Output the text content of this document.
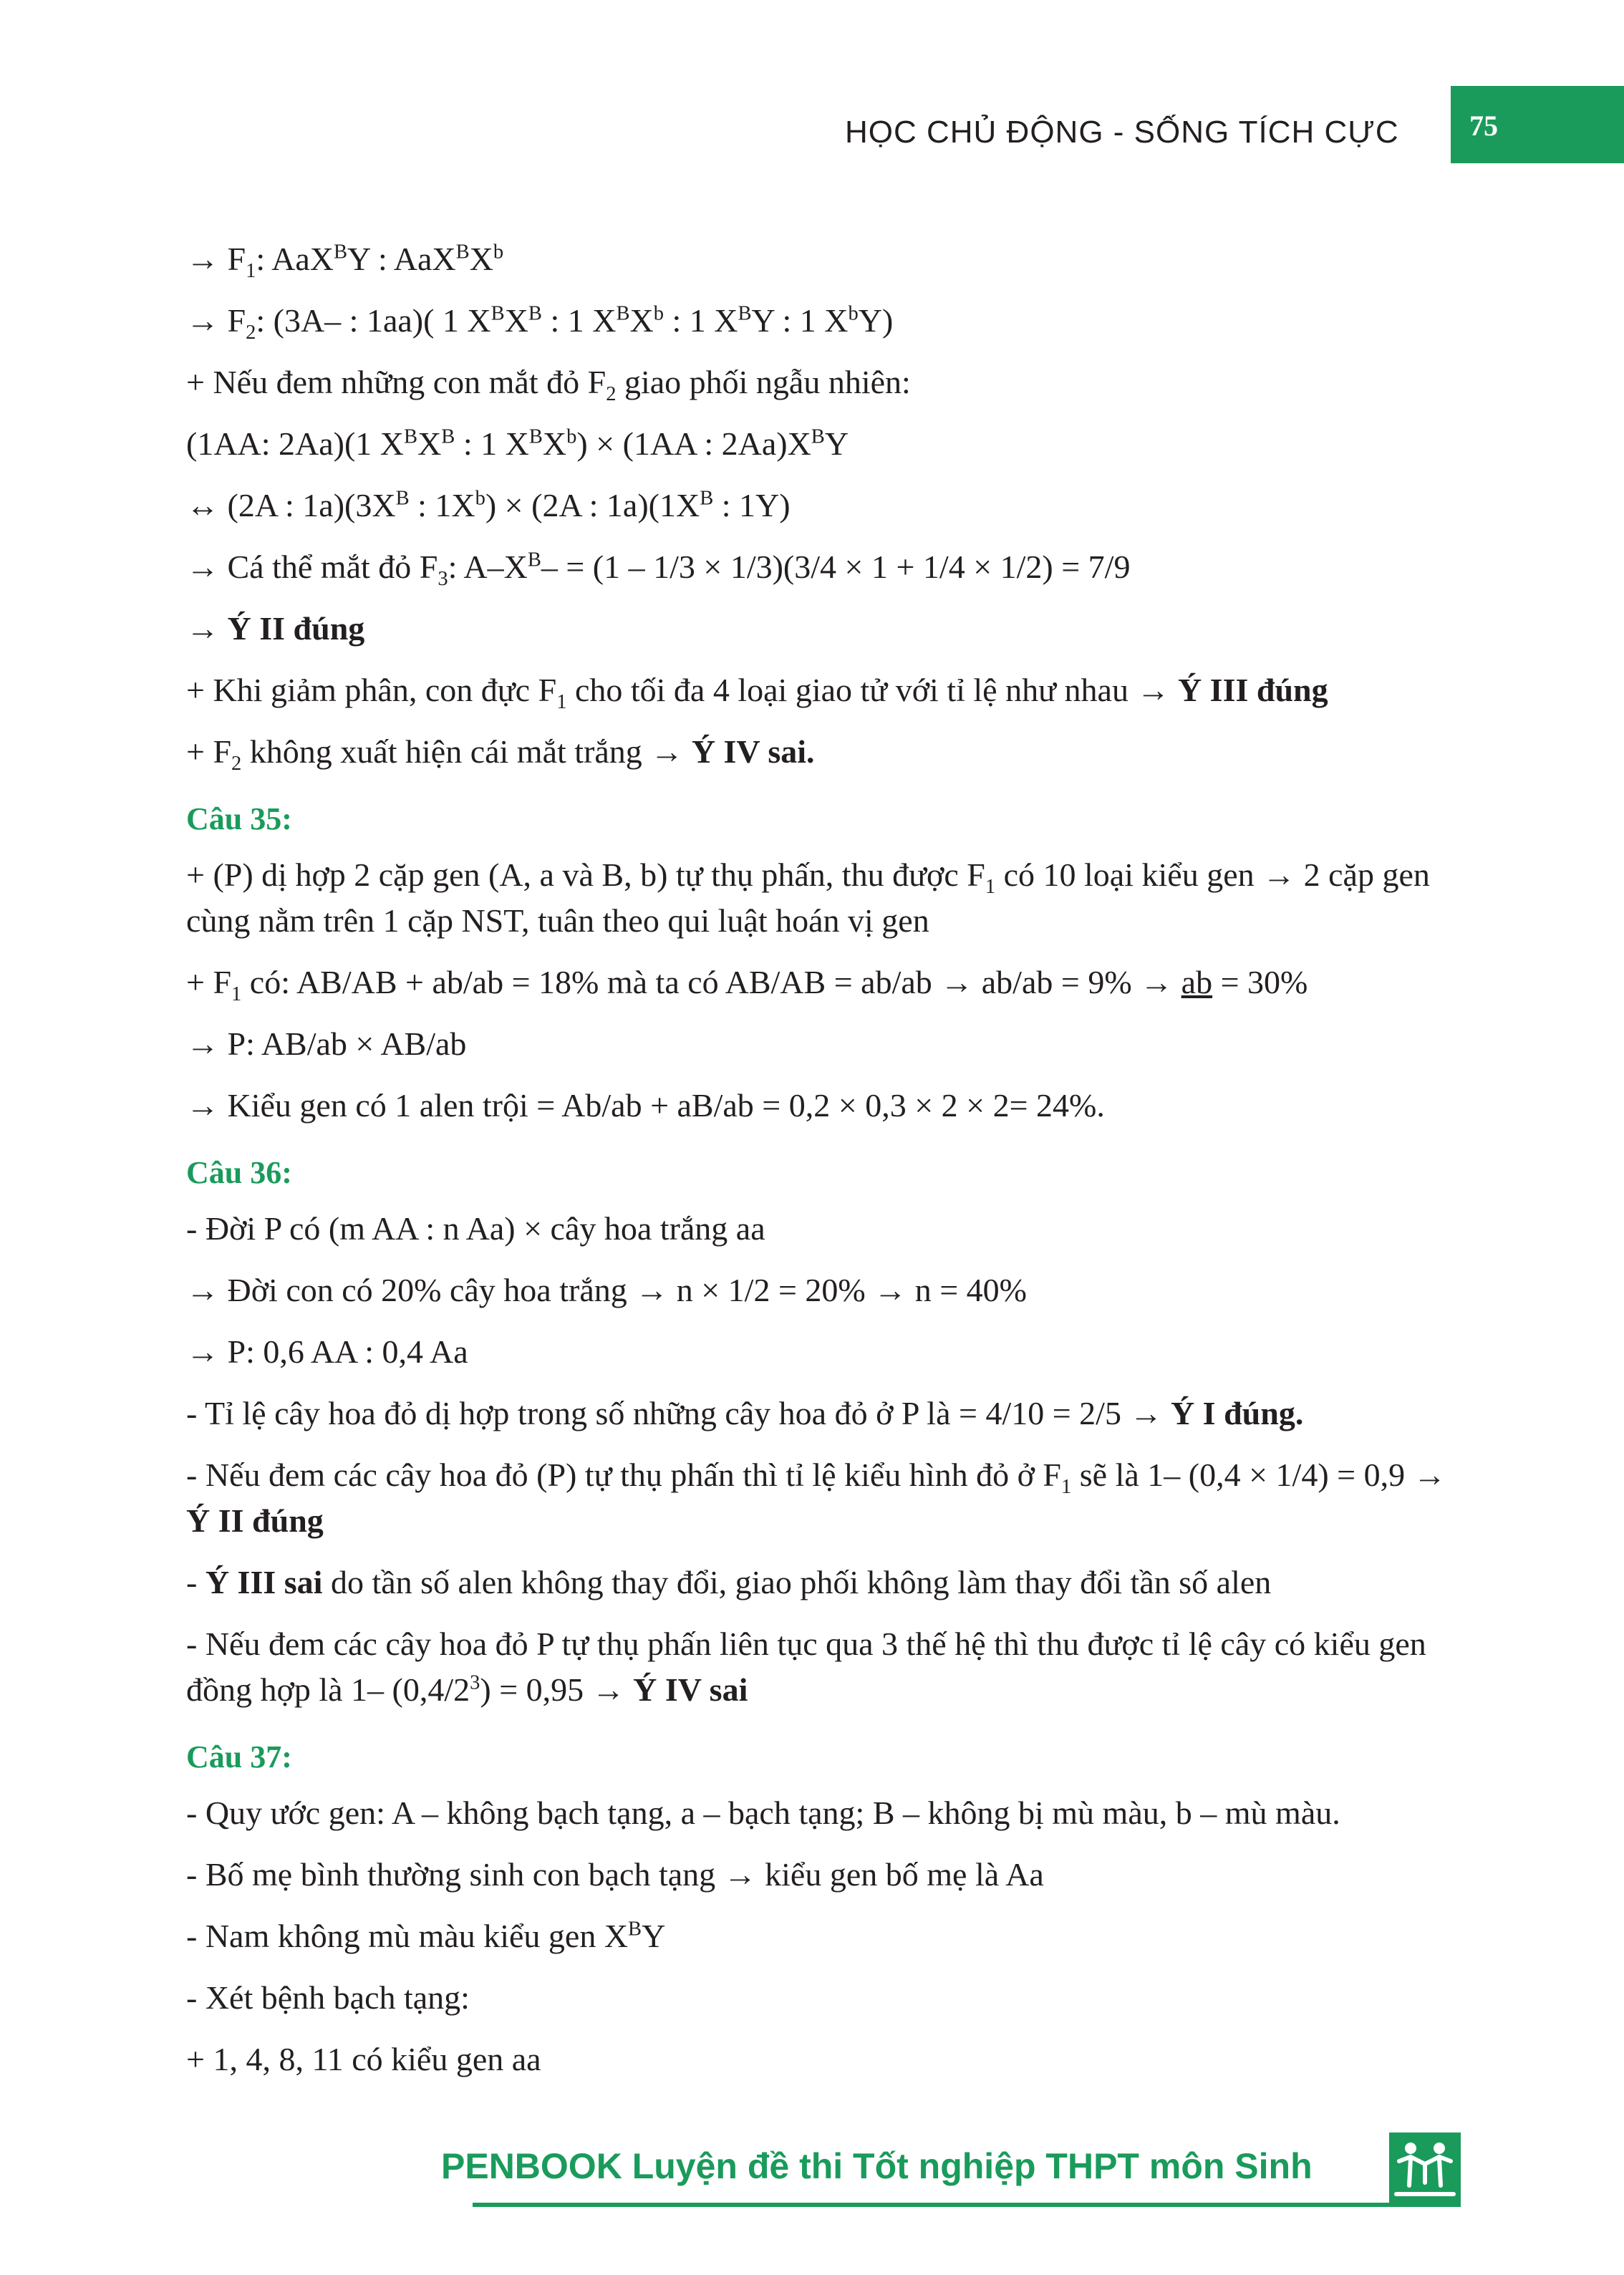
HỌC CHỦ ĐỘNG - SỐNG TÍCH CỰC 75
→ $F_1$: AaX$^B$Y : $AaX^BX^b$
→ $F_2$: (3A– : 1aa)( 1 $X^BX^B$ : 1 $X^BX^b$ : 1 $X^BY$ : 1 $X^bY$)
+ Nếu đem những con mắt đỏ $F_2$ giao phối ngẫu nhiên:
(1AA: 2Aa)(1 $X^BX^B$ : 1 $X^BX^b) \times (1AA$ : $2Aa)X^BY$
↔ (2A : $1a)(3X^B$ : $1X^b) \times (2A$ : $1a)(1X^B$ : 1Y)
→ Cá thể mắt đỏ $F_3$: $A-X^B- = (1 - 1/3 \times 1/3)(3/4 \times 1 + 1/4 \times 1/2) = 7/9$
→ Ý II đúng
+ Khi giảm phân, con đực $F_1$ cho tối đa 4 loại giao tử với tỉ lệ như nhau → Ý III đúng
+ $F_2$ không xuất hiện cái mắt trắng → Ý IV sai.
Câu 35:
+ (P) dị hợp 2 cặp gen (A, a và B, b) tự thụ phấn, thu được $F_1$ có 10 loại kiểu gen → 2 cặp gen cùng nằm trên 1 cặp NST, tuân theo qui luật hoán vị gen
+ $F_1$ có: AB/AB + ab/ab = 18% mà ta có AB/AB = ab/ab → ab/ab = 9% → ab = 30%
→ P: AB/ab × AB/ab
→ Kiểu gen có 1 alen trội = Ab/ab + aB/ab = 0,2 × 0,3 × 2 × 2= 24%.
Câu 36:
- Đời P có (m AA : n Aa) × cây hoa trắng aa
→ Đời con có 20% cây hoa trắng → n × 1/2 = 20% → n = 40%
→ P: 0,6 AA : 0,4 Aa
- Tỉ lệ cây hoa đỏ dị hợp trong số những cây hoa đỏ ở P là = 4/10 = 2/5 → Ý I đúng.
- Nếu đem các cây hoa đỏ (P) tự thụ phấn thì tỉ lệ kiểu hình đỏ ở $F_1$ sẽ là 1– (0,4 × 1/4) = 0,9 → Ý II đúng
- Ý III sai do tần số alen không thay đổi, giao phối không làm thay đổi tần số alen
- Nếu đem các cây hoa đỏ P tự thụ phấn liên tục qua 3 thế hệ thì thu được tỉ lệ cây có kiểu gen đồng hợp là 1– $(0,4/2^3) = 0,95$ → Ý IV sai
Câu 37:
- Quy ước gen: A – không bạch tạng, a – bạch tạng; B – không bị mù màu, b – mù màu.
- Bố mẹ bình thường sinh con bạch tạng → kiểu gen bố mẹ là Aa
- Nam không mù màu kiểu gen $X^BY$
- Xét bệnh bạch tạng:
+ 1, 4, 8, 11 có kiểu gen aa
PENBOOK Luyện đề thi Tốt nghiệp THPT môn Sinh
